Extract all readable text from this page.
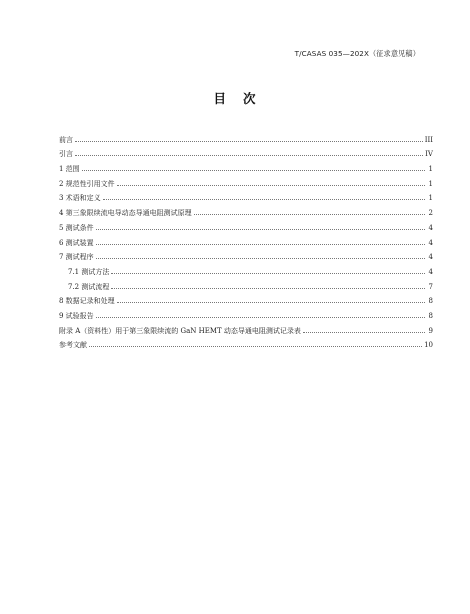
T/CASAS 035—202X（征求意见稿）
目 次
前言	III
引言	IV
1 范围	1
2 规范性引用文件	1
3 术语和定义	1
4 第三象限续流电导动态导通电阻测试原理	2
5 测试条件	4
6 测试装置	4
7 测试程序	4
7.1 测试方法	4
7.2 测试流程	7
8 数据记录和处理	8
9 试验报告	8
附录 A（资料性）用于第三象限续流的 GaN HEMT 动态导通电阻测试记录表	9
参考文献	10
